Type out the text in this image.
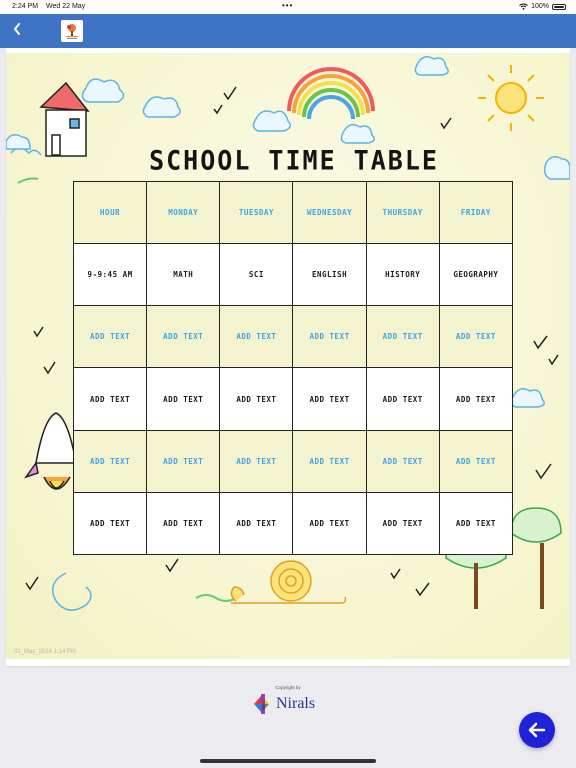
2:24 PM Wed 22 May	•••	100%
SCHOOL TIME TABLE
HOUR	MONDAY	TUESDAY	WEDNESDAY	THURSDAY	FRIDAY
9-9:45 AM	MATH	SCI	ENGLISH	HISTORY	GEOGRAPHY
ADD TEXT	ADD TEXT	ADD TEXT	ADD TEXT	ADD TEXT	ADD TEXT
ADD TEXT	ADD TEXT	ADD TEXT	ADD TEXT	ADD TEXT	ADD TEXT
ADD TEXT	ADD TEXT	ADD TEXT	ADD TEXT	ADD TEXT	ADD TEXT
ADD TEXT	ADD TEXT	ADD TEXT	ADD TEXT	ADD TEXT	ADD TEXT
01_May_2024 1:14 PM
Copyright by
Nirals
